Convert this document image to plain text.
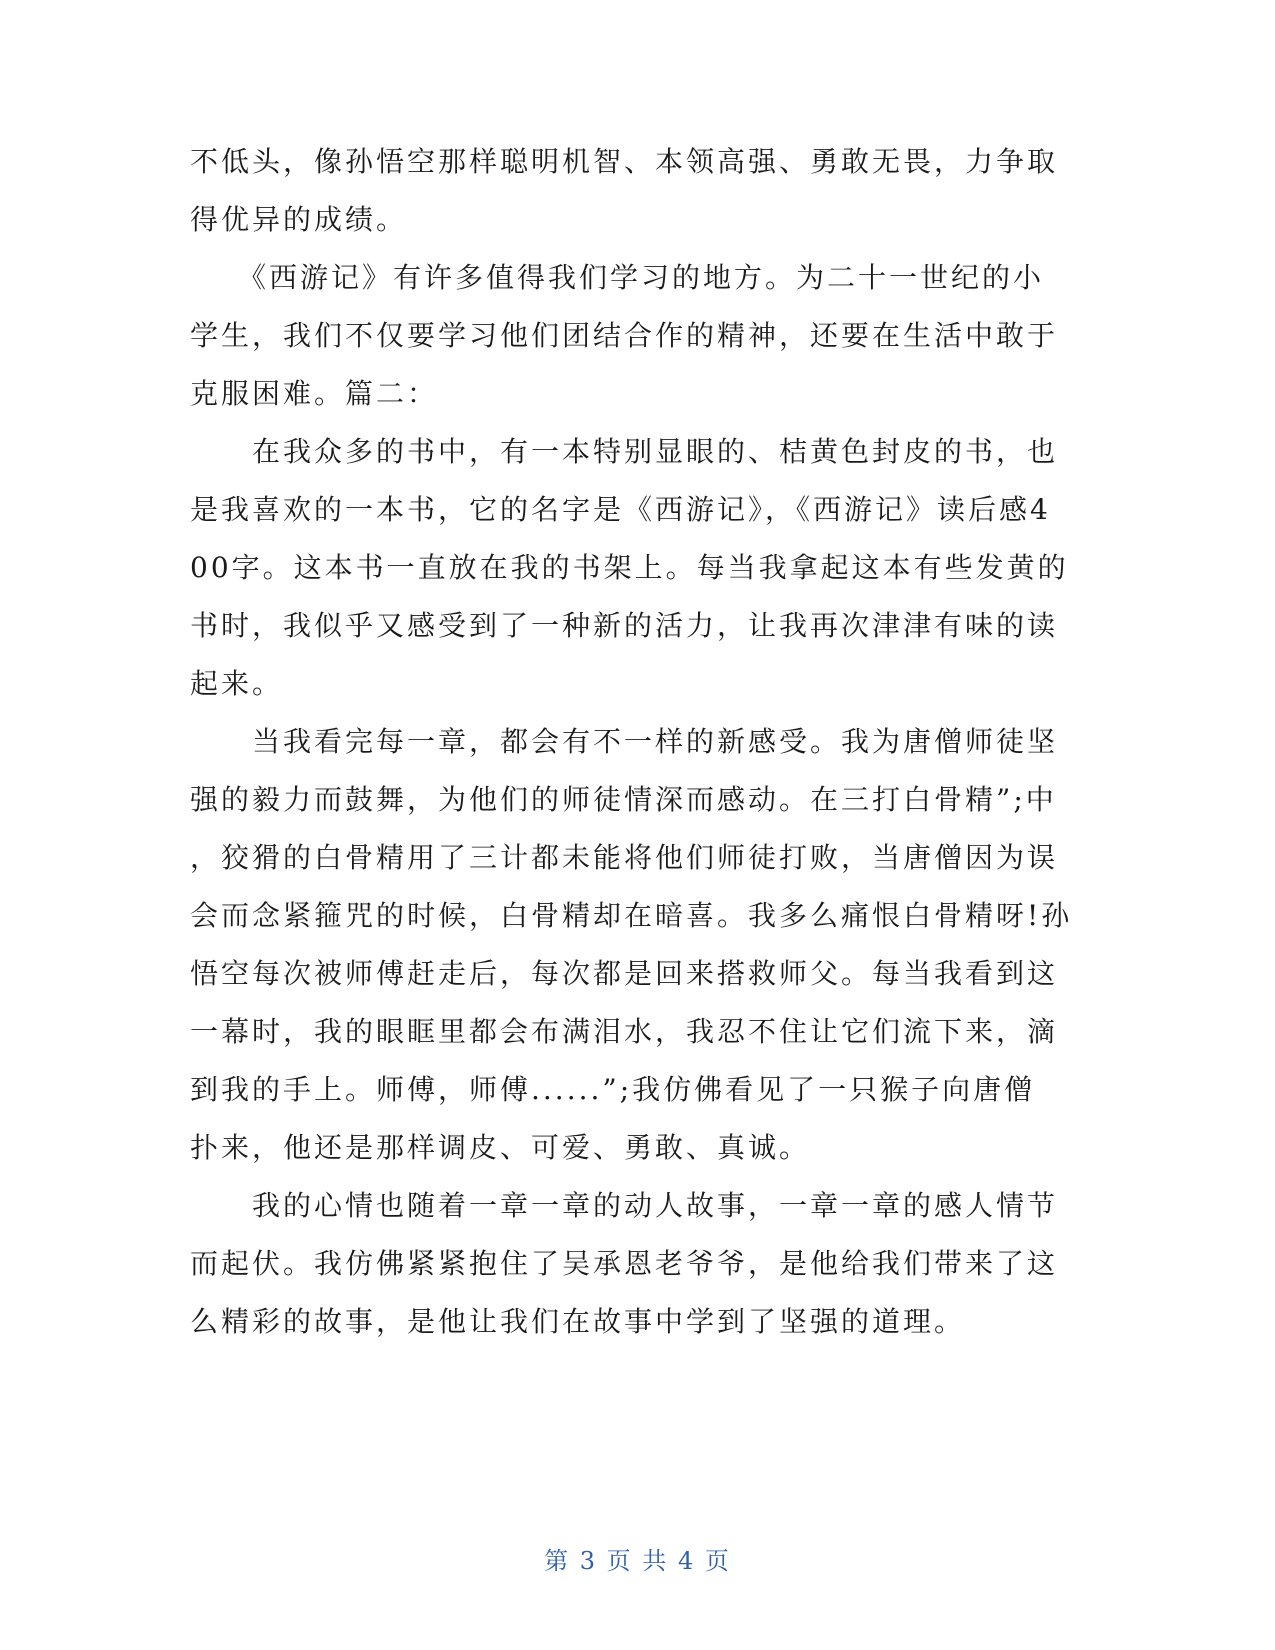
不低头，像孙悟空那样聪明机智、本领高强、勇敢无畏，力争取
得优异的成绩。
　　《西游记》有许多值得我们学习的地方。为二十一世纪的小
学生，我们不仅要学习他们团结合作的精神，还要在生活中敢于
克服困难。篇二：
　　在我众多的书中，有一本特别显眼的、桔黄色封皮的书，也
是我喜欢的一本书，它的名字是《西游记》，《西游记》读后感4
00字。这本书一直放在我的书架上。每当我拿起这本有些发黄的
书时，我似乎又感受到了一种新的活力，让我再次津津有味的读
起来。
　　当我看完每一章，都会有不一样的新感受。我为唐僧师徒坚
强的毅力而鼓舞，为他们的师徒情深而感动。在三打白骨精”;中
，狡猾的白骨精用了三计都未能将他们师徒打败，当唐僧因为误
会而念紧箍咒的时候，白骨精却在暗喜。我多么痛恨白骨精呀!孙
悟空每次被师傅赶走后，每次都是回来搭救师父。每当我看到这
一幕时，我的眼眶里都会布满泪水，我忍不住让它们流下来，滴
到我的手上。师傅，师傅......”;我仿佛看见了一只猴子向唐僧
扑来，他还是那样调皮、可爱、勇敢、真诚。
　　我的心情也随着一章一章的动人故事，一章一章的感人情节
而起伏。我仿佛紧紧抱住了吴承恩老爷爷，是他给我们带来了这
么精彩的故事，是他让我们在故事中学到了坚强的道理。
第 3 页 共 4 页
